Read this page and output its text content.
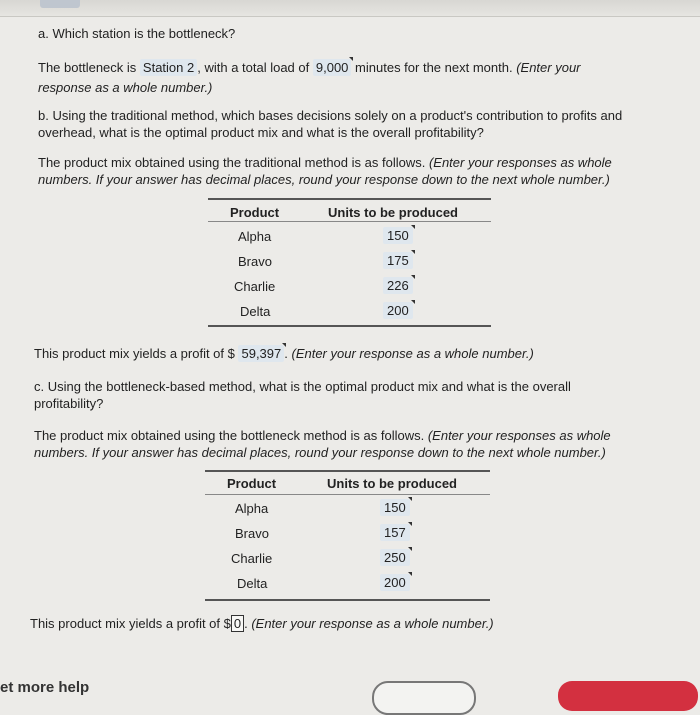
a. Which station is the bottleneck?
The bottleneck is Station 2 , with a total load of 9,000 minutes for the next month. (Enter your
response as a whole number.)
b. Using the traditional method, which bases decisions solely on a product's contribution to profits and
overhead, what is the optimal product mix and what is the overall profitability?
The product mix obtained using the traditional method is as follows. (Enter your responses as whole
numbers. If your answer has decimal places, round your response down to the next whole number.)
Product	Units to be produced
Alpha	150
Bravo	175
Charlie	226
Delta	200
This product mix yields a profit of $ 59,397 . (Enter your response as a whole number.)
c. Using the bottleneck-based method, what is the optimal product mix and what is the overall
profitability?
The product mix obtained using the bottleneck method is as follows. (Enter your responses as whole
numbers. If your answer has decimal places, round your response down to the next whole number.)
Product	Units to be produced
Alpha	150
Bravo	157
Charlie	250
Delta	200
This product mix yields a profit of $ 0 . (Enter your response as a whole number.)
et more help
